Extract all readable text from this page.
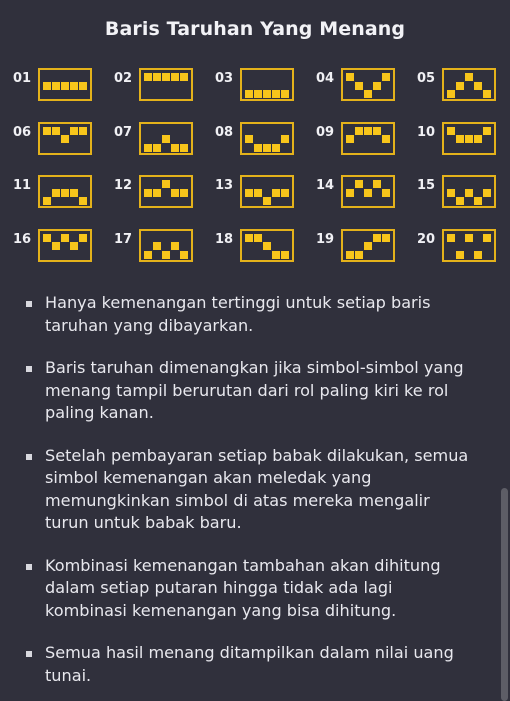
Baris Taruhan Yang Menang
01	02	03	04	05
06	07	08	09	10
11	12	13	14	15
16	17	18	19	20
Hanya kemenangan tertinggi untuk setiap baris taruhan yang dibayarkan.
Baris taruhan dimenangkan jika simbol-simbol yang menang tampil berurutan dari rol paling kiri ke rol paling kanan.
Setelah pembayaran setiap babak dilakukan, semua simbol kemenangan akan meledak yang memungkinkan simbol di atas mereka mengalir turun untuk babak baru.
Kombinasi kemenangan tambahan akan dihitung dalam setiap putaran hingga tidak ada lagi kombinasi kemenangan yang bisa dihitung.
Semua hasil menang ditampilkan dalam nilai uang tunai.
